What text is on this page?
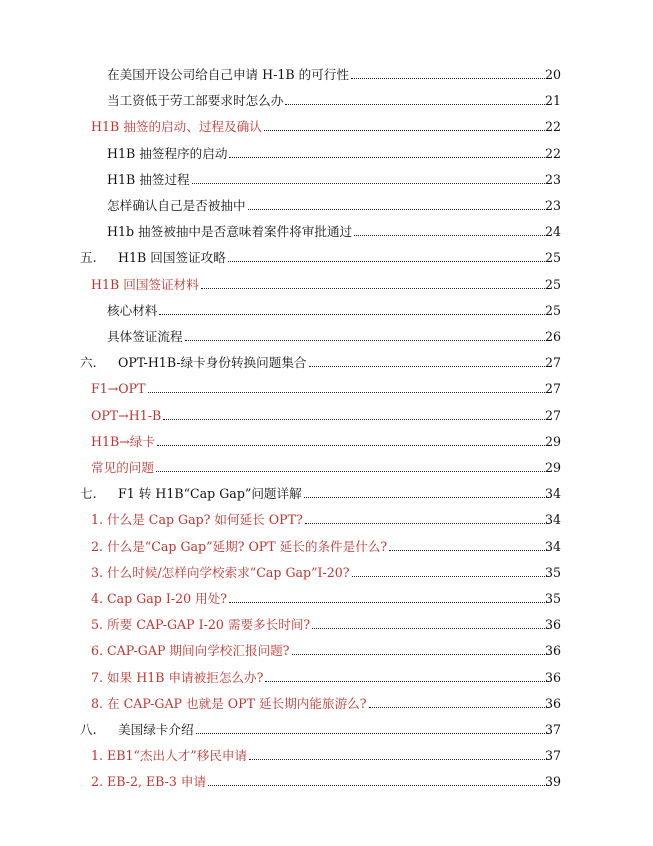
在美国开设公司给自己申请 H-1B 的可行性	20
当工资低于劳工部要求时怎么办	21
H1B 抽签的启动、过程及确认	22
H1B 抽签程序的启动	22
H1B 抽签过程	23
怎样确认自己是否被抽中	23
H1b 抽签被抽中是否意味着案件将审批通过	24
五.	H1B 回国签证攻略	25
H1B 回国签证材料	25
核心材料	25
具体签证流程	26
六.	OPT-H1B-绿卡身份转换问题集合	27
F1→OPT	27
OPT→H1-B	27
H1B→绿卡	29
常见的问题	29
七.	F1 转 H1B“Cap Gap”问题详解	34
1. 什么是 Cap Gap? 如何延长 OPT?	34
2. 什么是“Cap Gap”延期? OPT 延长的条件是什么?	34
3. 什么时候/怎样向学校索求“Cap Gap”I-20?	35
4. Cap Gap I-20 用处?	35
5. 所要 CAP-GAP I-20 需要多长时间?	36
6. CAP-GAP 期间向学校汇报问题?	36
7. 如果 H1B 申请被拒怎么办?	36
8. 在 CAP-GAP 也就是 OPT 延长期内能旅游么?	36
八.	美国绿卡介绍	37
1. EB1“杰出人才”移民申请	37
2. EB-2, EB-3 申请	39
